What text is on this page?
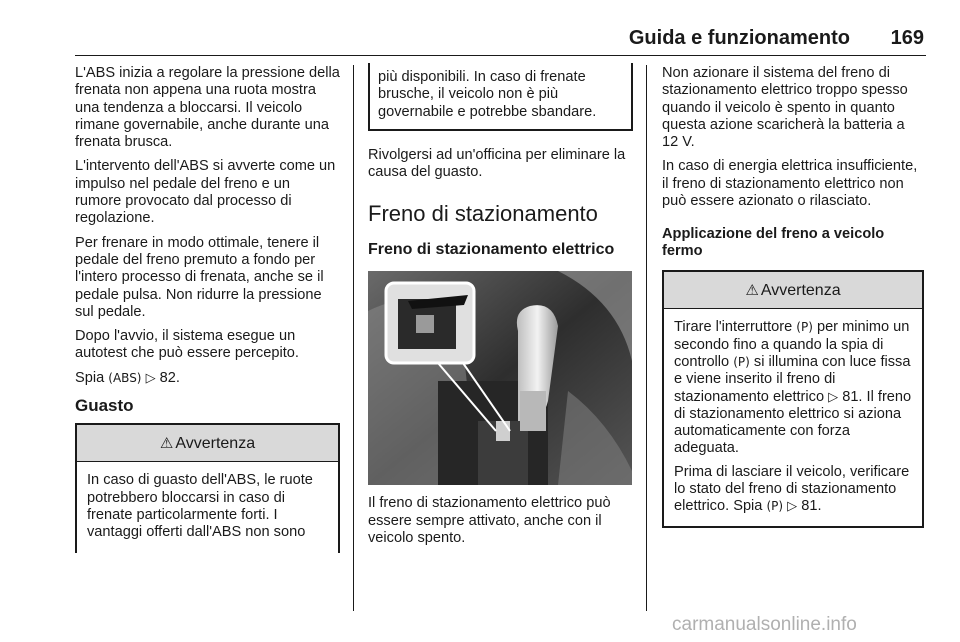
Guida e funzionamento	169

L'ABS inizia a regolare la pressione della frenata non appena una ruota mostra una tendenza a bloccarsi. Il veicolo rimane governabile, anche durante una frenata brusca.

L'intervento dell'ABS si avverte come un impulso nel pedale del freno e un rumore provocato dal processo di regolazione.

Per frenare in modo ottimale, tenere il pedale del freno premuto a fondo per l'intero processo di frenata, anche se il pedale pulsa. Non ridurre la pressione sul pedale.

Dopo l'avvio, il sistema esegue un autotest che può essere percepito.

Spia (ABS) ▷ 82.

Guasto
⚠ Avvertenza

In caso di guasto dell'ABS, le ruote potrebbero bloccarsi in caso di frenate particolarmente forti. I vantaggi offerti dall'ABS non sono

più disponibili. In caso di frenate brusche, il veicolo non è più governabile e potrebbe sbandare.

Rivolgersi ad un'officina per eliminare la causa del guasto.

Freno di stazionamento
Freno di stazionamento elettrico

Il freno di stazionamento elettrico può essere sempre attivato, anche con il veicolo spento.

Non azionare il sistema del freno di stazionamento elettrico troppo spesso quando il veicolo è spento in quanto questa azione scaricherà la batteria a 12 V.

In caso di energia elettrica insufficiente, il freno di stazionamento elettrico non può essere azionato o rilasciato.

Applicazione del freno a veicolo fermo
⚠ Avvertenza

Tirare l'interruttore (P) per minimo un secondo fino a quando la spia di controllo (P) si illumina con luce fissa e viene inserito il freno di stazionamento elettrico ▷ 81. Il freno di stazionamento elettrico si aziona automaticamente con forza adeguata.

Prima di lasciare il veicolo, verificare lo stato del freno di stazionamento elettrico. Spia (P) ▷ 81.

carmanualsonline.info
